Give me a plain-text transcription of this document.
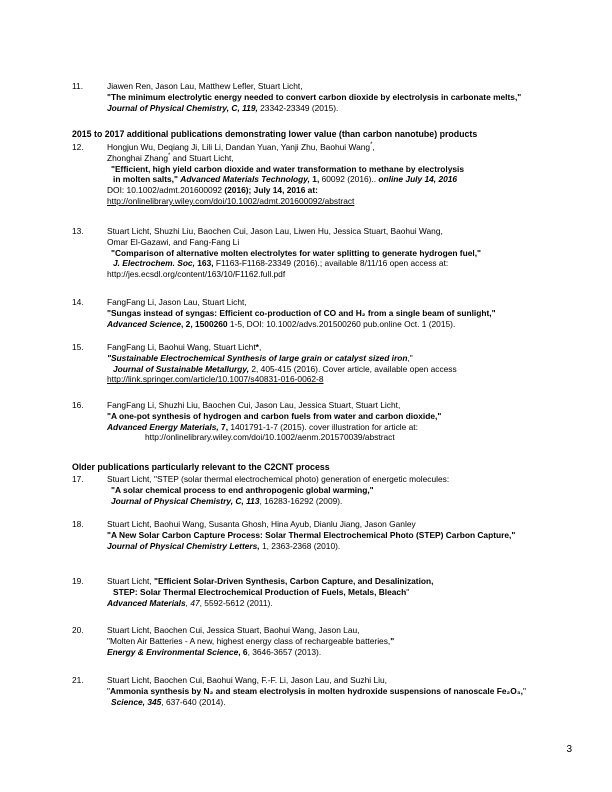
11.	Jiawen Ren, Jason Lau, Matthew Lefler, Stuart Licht,
"The minimum electrolytic energy needed to convert carbon dioxide by electrolysis in carbonate melts,"
Journal of Physical Chemistry, C, 119, 23342-23349 (2015).
2015 to 2017 additional publications demonstrating lower value (than carbon nanotube) products
12.	Hongjun Wu, Deqiang Ji, Lili Li, Dandan Yuan, Yanji Zhu, Baohui Wang*,
Zhonghai Zhang* and Stuart Licht,
"Efficient, high yield carbon dioxide and water transformation to methane by electrolysis
in molten salts," Advanced Materials Technology, 1, 60092 (2016).. online July 14, 2016
DOI: 10.1002/admt.201600092 (2016); July 14, 2016 at:
http://onlinelibrary.wiley.com/doi/10.1002/admt.201600092/abstract
13.	Stuart Licht, Shuzhi Liu, Baochen Cui, Jason Lau, Liwen Hu, Jessica Stuart, Baohui Wang,
Omar El-Gazawi, and Fang-Fang Li
"Comparison of alternative molten electrolytes for water splitting to generate hydrogen fuel,"
J. Electrochem. Soc, 163, F1163-F1168-23349 (2016).; available 8/11/16 open access at:
http://jes.ecsdl.org/content/163/10/F1162.full.pdf
14.	FangFang Li, Jason Lau, Stuart Licht,
"Sungas instead of syngas: Efficient co-production of CO and H₂ from a single beam of sunlight,"
Advanced Science, 2, 1500260 1-5, DOI: 10.1002/advs.201500260 pub.online Oct. 1 (2015).
15.	FangFang Li, Baohui Wang, Stuart Licht*,
"Sustainable Electrochemical Synthesis of large grain or catalyst sized iron,"
Journal of Sustainable Metallurgy, 2, 405-415 (2016). Cover article, available open access
http://link.springer.com/article/10.1007/s40831-016-0062-8
16.	FangFang Li, Shuzhi Liu, Baochen Cui, Jason Lau, Jessica Stuart, Stuart Licht,
"A one-pot synthesis of hydrogen and carbon fuels from water and carbon dioxide,"
Advanced Energy Materials, 7, 1401791-1-7 (2015). cover illustration for article at:
http://onlinelibrary.wiley.com/doi/10.1002/aenm.201570039/abstract
Older publications particularly relevant to the C2CNT process
17.	Stuart Licht, "STEP (solar thermal electrochemical photo) generation of energetic molecules:
"A solar chemical process to end anthropogenic global warming,"
Journal of Physical Chemistry, C, 113, 16283-16292 (2009).
18.	Stuart Licht, Baohui Wang, Susanta Ghosh, Hina Ayub, Dianlu Jiang, Jason Ganley
"A New Solar Carbon Capture Process: Solar Thermal Electrochemical Photo (STEP) Carbon Capture,"
Journal of Physical Chemistry Letters, 1, 2363-2368 (2010).
19.	Stuart Licht, "Efficient Solar-Driven Synthesis, Carbon Capture, and Desalinization,
STEP: Solar Thermal Electrochemical Production of Fuels, Metals, Bleach"
Advanced Materials, 47, 5592-5612 (2011).
20.	Stuart Licht, Baochen Cui, Jessica Stuart, Baohui Wang, Jason Lau,
"Molten Air Batteries - A new, highest energy class of rechargeable batteries,"
Energy & Environmental Science, 6, 3646-3657 (2013).
21.	Stuart Licht, Baochen Cui, Baohui Wang, F.-F. Li, Jason Lau, and Suzhi Liu,
"Ammonia synthesis by N₂ and steam electrolysis in molten hydroxide suspensions of nanoscale Fe₂O₃,"
Science, 345, 637-640 (2014).
3
